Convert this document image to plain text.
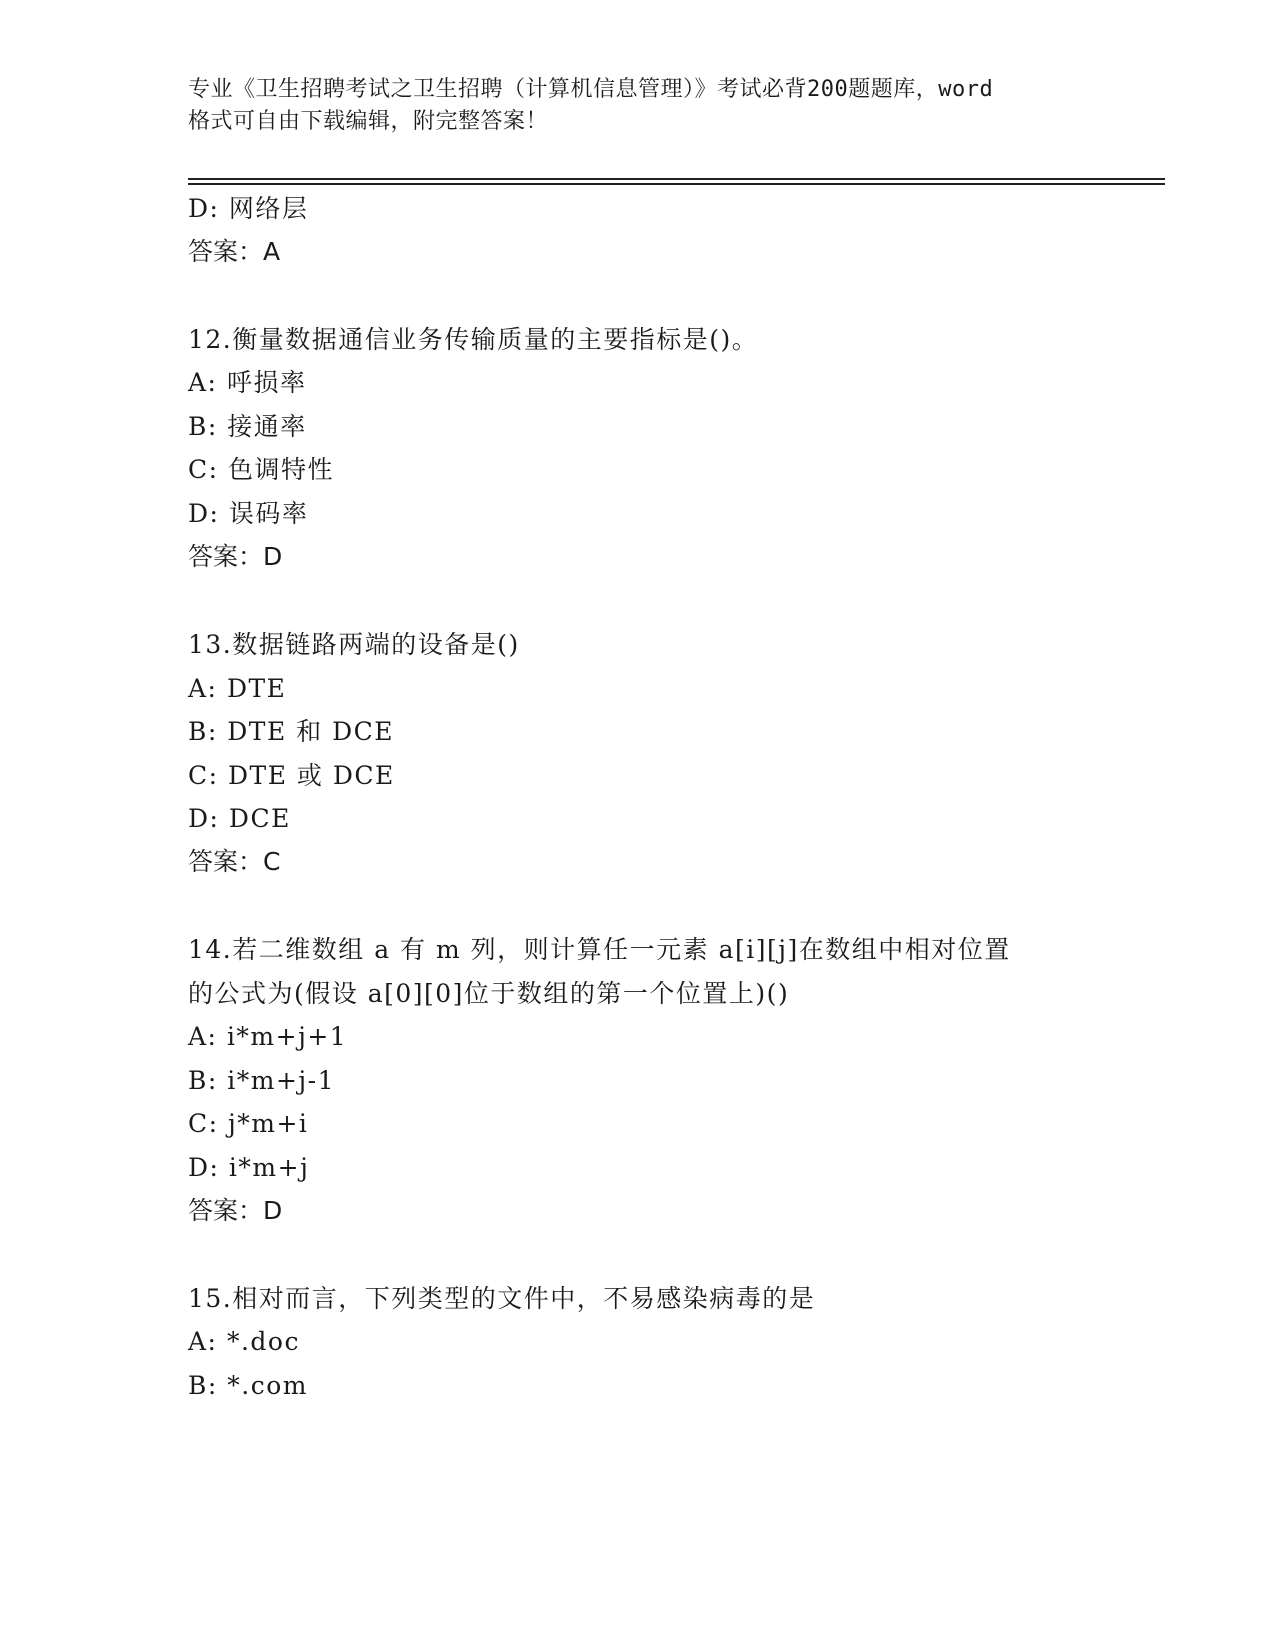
专业《卫生招聘考试之卫生招聘（计算机信息管理）》考试必背200题题库，word
格式可自由下载编辑，附完整答案！
D: 网络层
答案：A
12.衡量数据通信业务传输质量的主要指标是()。
A: 呼损率
B: 接通率
C: 色调特性
D: 误码率
答案：D
13.数据链路两端的设备是()
A: DTE
B: DTE 和 DCE
C: DTE 或 DCE
D: DCE
答案：C
14.若二维数组 a 有 m 列，则计算任一元素 a[i][j]在数组中相对位置
的公式为(假设 a[0][0]位于数组的第一个位置上)()
A: i*m+j+1
B: i*m+j-1
C: j*m+i
D: i*m+j
答案：D
15.相对而言，下列类型的文件中，不易感染病毒的是
A: *.doc
B: *.com
